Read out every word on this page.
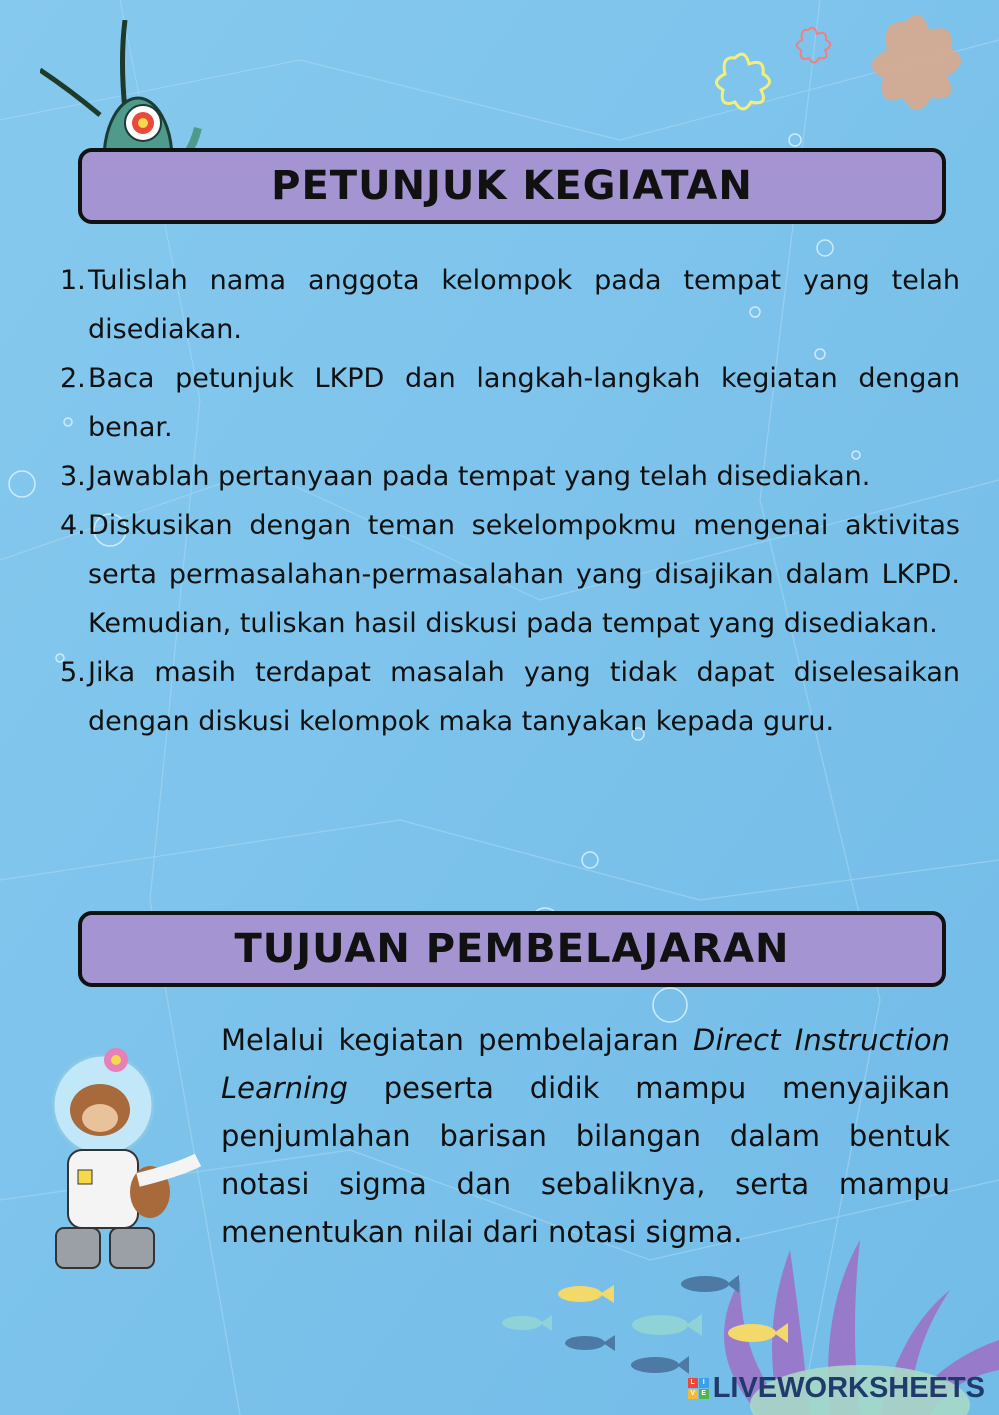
PETUNJUK KEGIATAN
1. Tulislah nama anggota kelompok pada tempat yang telah disediakan.
2. Baca petunjuk LKPD dan langkah-langkah kegiatan dengan benar.
3. Jawablah pertanyaan pada tempat yang telah disediakan.
4. Diskusikan dengan teman sekelompokmu mengenai aktivitas serta permasalahan-permasalahan yang disajikan dalam LKPD. Kemudian, tuliskan hasil diskusi pada tempat yang disediakan.
5. Jika masih terdapat masalah yang tidak dapat diselesaikan dengan diskusi kelompok maka tanyakan kepada guru.
TUJUAN PEMBELAJARAN

Melalui kegiatan pembelajaran Direct Instruction Learning peserta didik mampu menyajikan penjumlahan barisan bilangan dalam bentuk notasi sigma dan sebaliknya, serta mampu menentukan nilai dari notasi sigma.

L	I
V E LIVEWORKSHEETS
